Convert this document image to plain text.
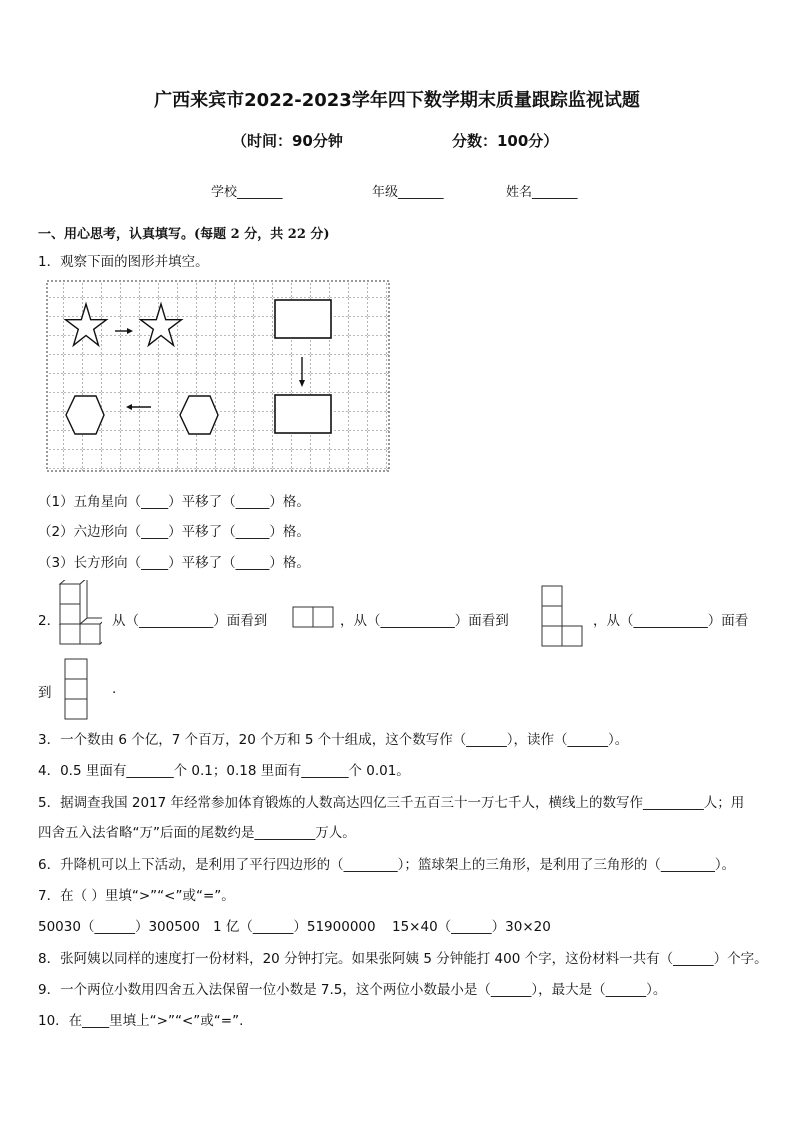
广西来宾市2022-2023学年四下数学期末质量跟踪监视试题
（时间：90分钟	分数：100分）
学校_______	年级_______	姓名_______
一、用心思考，认真填写。(每题 2 分，共 22 分)
1．观察下面的图形并填空。
（1）五角星向（____）平移了（_____）格。
（2）六边形向（____）平移了（_____）格。
（3）长方形向（____）平移了（_____）格。
2．	从（___________）面看到	，从（___________）面看到	，从（___________）面看
到	.
3．一个数由 6 个亿，7 个百万，20 个万和 5 个十组成，这个数写作（______），读作（______）。
4．0.5 里面有_______个 0.1；0.18 里面有_______个 0.01。
5．据调查我国 2017 年经常参加体育锻炼的人数高达四亿三千五百三十一万七千人，横线上的数写作_________人；用
四舍五入法省略“万”后面的尾数约是_________万人。
6．升降机可以上下活动，是利用了平行四边形的（________）；篮球架上的三角形，是利用了三角形的（________）。
7．在（ ）里填“>”“<”或“=”。
50030（______）300500 1 亿（______）51900000 15×40（______）30×20
8．张阿姨以同样的速度打一份材料，20 分钟打完。如果张阿姨 5 分钟能打 400 个字，这份材料一共有（______）个字。
9．一个两位小数用四舍五入法保留一位小数是 7.5，这个两位小数最小是（______），最大是（______）。
10．在____里填上“>”“<”或“=”.
